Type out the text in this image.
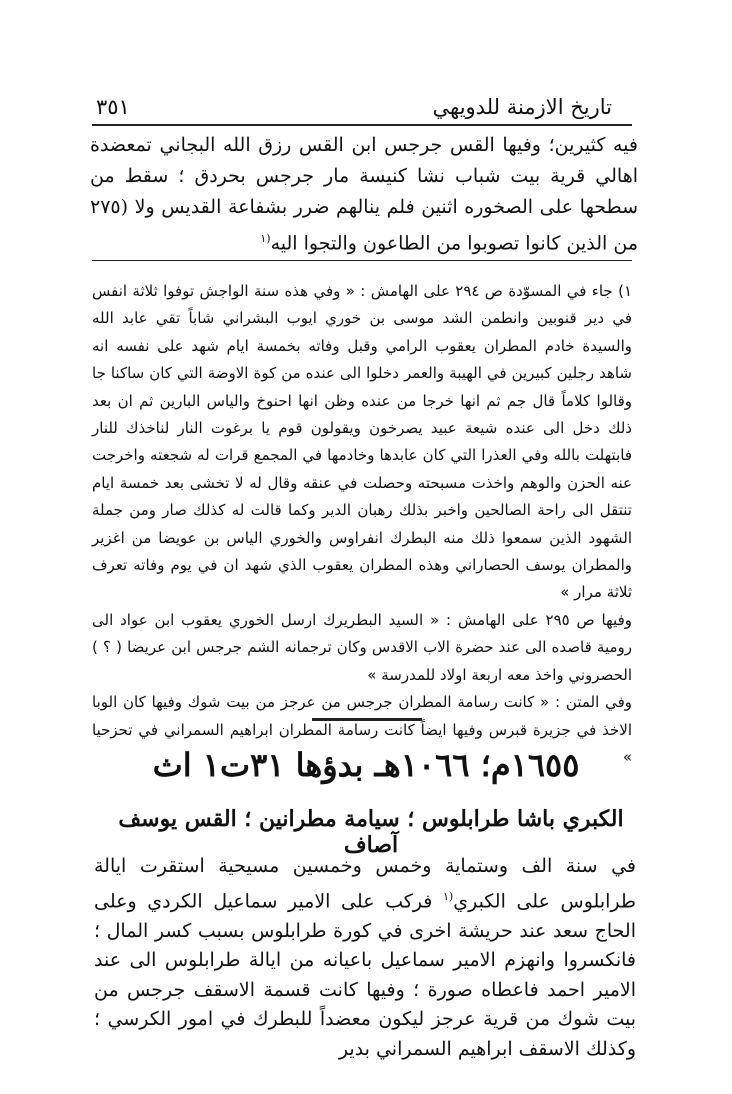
تاريخ الازمنة للدويهي
٣٥١

فيه كثيرين؛ وفيها القس جرجس ابن القس رزق الله البجاني تمعضدة اهالي قرية بيت شباب نشا كنيسة مار جرجس بحردق ؛ سقط من سطحها على الصخوره اثنين فلم ينالهم ضرر بشفاعة القديس ولا (٢٧٥ من الذين كانوا تصوبوا من الطاعون والتجوا اليه$^{(١}$

١) جاء في المسوّدة ص ٢٩٤ على الهامش : « وفي هذه سنة الواجش توفوا ثلاثة انفس في دير قنوبين وانطمن الشد موسى بن خوري ايوب البشراني شاباً تقي عابد الله والسيدة خادم المطران يعقوب الرامي وقبل وفاته بخمسة ايام شهد على نفسه انه شاهد رجلين كبيرين في الهيبة والعمر دخلوا الى عنده من كوة الاوضة التي كان ساكنا جا وقالوا كلاماً قال جم ثم انها خرجا من عنده وظن انها احنوخ والياس البارين ثم ان بعد ذلك دخل الى عنده شيعة عبيد يصرخون ويقولون قوم يا برغوت النار لناخذك للنار فابتهلت بالله وفي العذرا التي كان عابدها وخادمها في المجمع قرات له شجعته واخرجت عنه الحزن والوهم واخذت مسبحته وحصلت في عنقه وقال له لا تخشى بعد خمسة ايام تنتقل الى راحة الصالحين واخبر بذلك رهبان الدير وكما قالت له كذلك صار ومن جملة الشهود الذين سمعوا ذلك منه البطرك انفراوس والخوري الياس بن عويضا من اغزير والمطران يوسف الحصاراني وهذه المطران يعقوب الذي شهد ان في يوم وفاته تعرف ثلاثة مرار »

وفيها ص ٢٩٥ على الهامش : « السيد البطريرك ارسل الخوري يعقوب ابن عواد الى رومية قاصده الى عند حضرة الاب الاقدس وكان ترجمانه الشم جرجس ابن عريضا ( ؟ ) الحصروني واخذ معه اربعة اولاد للمدرسة »

وفي المتن : « كانت رسامة المطران جرجس من عرجز من بيت شوك وفيها كان الوبا الاخذ في جزيرة قبرس وفيها ايضاً كانت رسامة المطران ابراهيم السمراني في تحزحيا »

١٦٥٥م؛ ١٠٦٦هـ بدؤها ٣١ت١ اث
الكبري باشا طرابلوس ؛ سيامة مطرانين ؛ القس يوسف آصاف

في سنة الف وستماية وخمس وخمسين مسيحية استقرت ايالة طرابلوس على الكبري$^{(١}$ فركب على الامير سماعيل الكردي وعلى الحاج سعد عند حريشة اخرى في كورة طرابلوس بسبب كسر المال ؛ فانكسروا وانهزم الامير سماعيل باعيانه من ايالة طرابلوس الى عند الامير احمد فاعطاه صورة ؛ وفيها كانت قسمة الاسقف جرجس من بيت شوك من قرية عرجز ليكون معضداً للبطرك في امور الكرسي ؛ وكذلك الاسقف ابراهيم السمراني بدير
